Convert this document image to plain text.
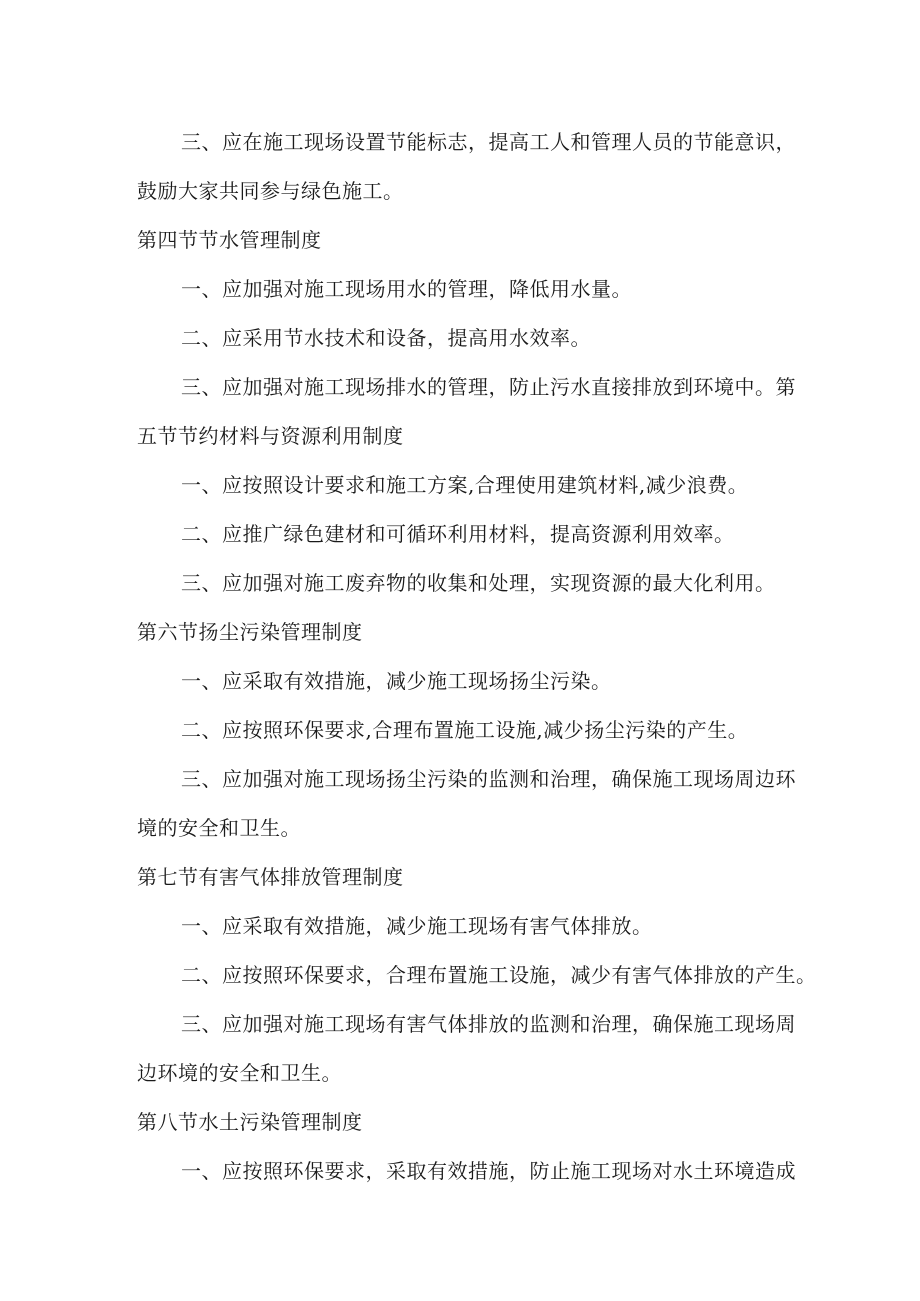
三、应在施工现场设置节能标志，提高工人和管理人员的节能意识，
鼓励大家共同参与绿色施工。
第四节节水管理制度
一、应加强对施工现场用水的管理，降低用水量。
二、应采用节水技术和设备，提高用水效率。
三、应加强对施工现场排水的管理，防止污水直接排放到环境中。第
五节节约材料与资源利用制度
一、应按照设计要求和施工方案,合理使用建筑材料,减少浪费。
二、应推广绿色建材和可循环利用材料，提高资源利用效率。
三、应加强对施工废弃物的收集和处理，实现资源的最大化利用。
第六节扬尘污染管理制度
一、应采取有效措施，减少施工现场扬尘污染。
二、应按照环保要求,合理布置施工设施,减少扬尘污染的产生。
三、应加强对施工现场扬尘污染的监测和治理，确保施工现场周边环
境的安全和卫生。
第七节有害气体排放管理制度
一、应采取有效措施，减少施工现场有害气体排放。
二、应按照环保要求，合理布置施工设施，减少有害气体排放的产生。
三、应加强对施工现场有害气体排放的监测和治理，确保施工现场周
边环境的安全和卫生。
第八节水土污染管理制度
一、应按照环保要求，采取有效措施，防止施工现场对水土环境造成
